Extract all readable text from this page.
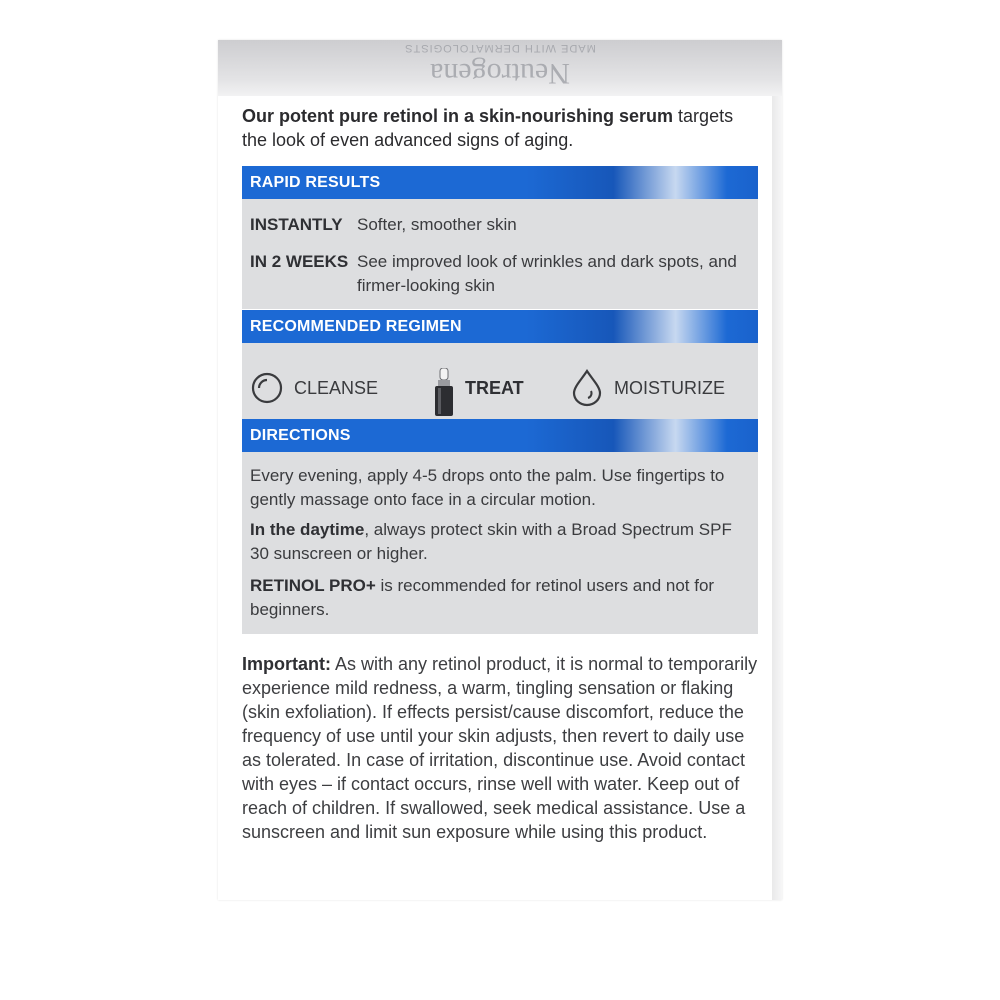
Neutrogena
MADE WITH DERMATOLOGISTS
Our potent pure retinol in a skin-nourishing serum targets the look of even advanced signs of aging.
RAPID RESULTS
INSTANTLY Softer, smoother skin
IN 2 WEEKS See improved look of wrinkles and dark spots, and firmer-looking skin
RECOMMENDED REGIMEN
CLEANSE	TREAT	MOISTURIZE
DIRECTIONS
Every evening, apply 4-5 drops onto the palm. Use fingertips to gently massage onto face in a circular motion.
In the daytime, always protect skin with a Broad Spectrum SPF 30 sunscreen or higher.
RETINOL PRO+ is recommended for retinol users and not for beginners.
Important: As with any retinol product, it is normal to temporarily experience mild redness, a warm, tingling sensation or flaking (skin exfoliation). If effects persist/cause discomfort, reduce the frequency of use until your skin adjusts, then revert to daily use as tolerated. In case of irritation, discontinue use. Avoid contact with eyes – if contact occurs, rinse well with water. Keep out of reach of children. If swallowed, seek medical assistance. Use a sunscreen and limit sun exposure while using this product.
